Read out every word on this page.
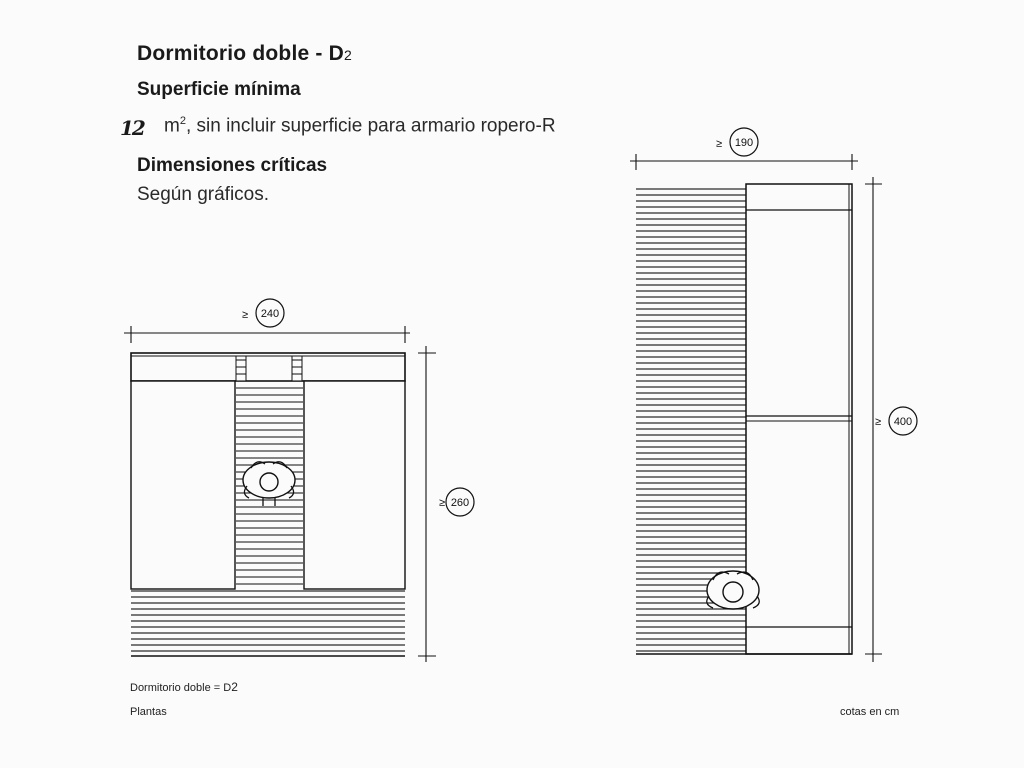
Dormitorio doble - D2
Superficie mínima
12 $m^2$, sin incluir superficie para armario ropero-R
Dimensiones críticas
Según gráficos.
≥ 240
≥ 260
≥ 190
≥ 400
Dormitorio doble = D2
Plantas	cotas en cm
